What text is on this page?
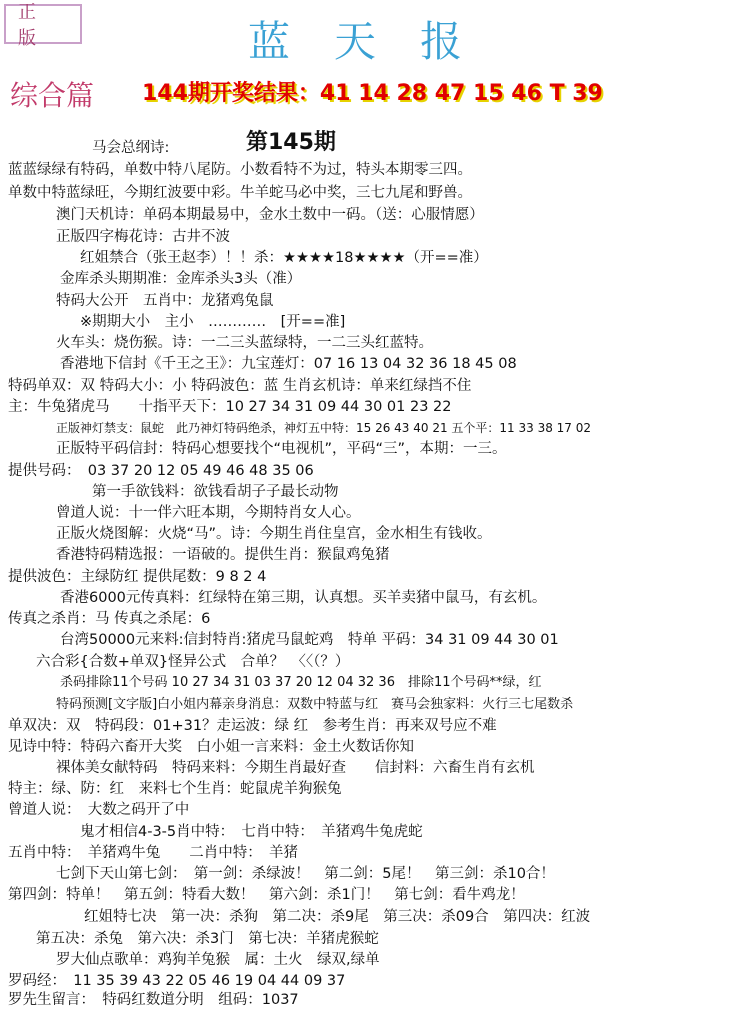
正 版	蓝天报
综合篇 144期开奖结果：41 14 28 47 15 46 T 39
第145期
马会总纲诗:
蓝蓝绿绿有特码，单数中特八尾防。小数看特不为过，特头本期零三四。
单数中特蓝绿旺，今期红波要中彩。牛羊蛇马必中奖，三七九尾和野兽。
澳门天机诗：单码本期最易中，金水土数中一码。（送：心服情愿）
正版四字梅花诗：古井不波
红姐禁合（张王赵李）！！杀：★★★★18★★★★（开==准）
金库杀头期期准：金库杀头3头（准）
特码大公开　五肖中：龙猪鸡兔鼠
※期期大小　主小　…………　[开==准]
火车头：烧伤猴。诗：一二三头蓝绿特，一二三头红蓝特。
香港地下信封《千王之王》：九宝莲灯：07 16 13 04 32 36 18 45 08
特码单双：双 特码大小：小 特码波色：蓝 生肖玄机诗：单来红绿挡不住
主：牛兔猪虎马　　十指平天下：10 27 34 31 09 44 30 01 23 22
正版神灯禁支：鼠蛇　此乃神灯特码绝杀，神灯五中特：15 26 43 40 21 五个平：11 33 38 17 02
正版特平码信封：特码心想要找个“电视机”，平码“三”，本期：一三。
提供号码：　03 37 20 12 05 49 46 48 35 06
第一手欲钱料：欲钱看胡子子最长动物
曾道人说：十一伴六旺本期，今期特肖女人心。
正版火烧图解：火烧“马”。诗：今期生肖住皇宫，金水相生有钱收。
香港特码精选报：一语破的。提供生肖：猴鼠鸡兔猪
提供波色：主绿防红 提供尾数：9 8 2 4
香港6000元传真料：红绿特在第三期，认真想。买羊卖猪中鼠马，有玄机。
传真之杀肖：马 传真之杀尾：6
台湾50000元来料:信封特肖:猪虎马鼠蛇鸡　特单 平码：34 31 09 44 30 01
六合彩{合数+单双}怪异公式　合单？　〈〈（？）
杀码排除11个号码 10 27 34 31 03 37 20 12 04 32 36　排除11个号码**绿，红
特码预测[文字版]白小姐内幕亲身消息：双数中特蓝与红　赛马会独家料：火行三七尾数杀
单双决：双　特码段：01+31？走运波：绿 红　参考生肖：再来双号应不难
见诗中特：特码六畜开大奖　白小姐一言来料：金土火数话你知
裸体美女献特码　特码来料：今期生肖最好查　　信封料：六畜生肖有玄机
特主：绿、防：红　来料七个生肖：蛇鼠虎羊狗猴兔
曾道人说：　大数之码开了中
鬼才相信4-3-5肖中特：　七肖中特：　羊猪鸡牛兔虎蛇
五肖中特：　羊猪鸡牛兔　　二肖中特：　羊猪
七剑下天山第七剑：　第一剑：杀绿波！　第二剑：5尾！　第三剑：杀10合！
第四剑：特单！　第五剑：特看大数！　第六剑：杀1门！　第七剑：看牛鸡龙！
红姐特七决　第一决：杀狗　第二决：杀9尾　第三决：杀09合　第四决：红波
第五决：杀兔　第六决：杀3门　第七决：羊猪虎猴蛇
罗大仙点歌单：鸡狗羊兔猴　属：土火　绿双,绿单
罗码经：　11 35 39 43 22 05 46 19 04 44 09 37
罗先生留言：　特码红数道分明　组码：1037
